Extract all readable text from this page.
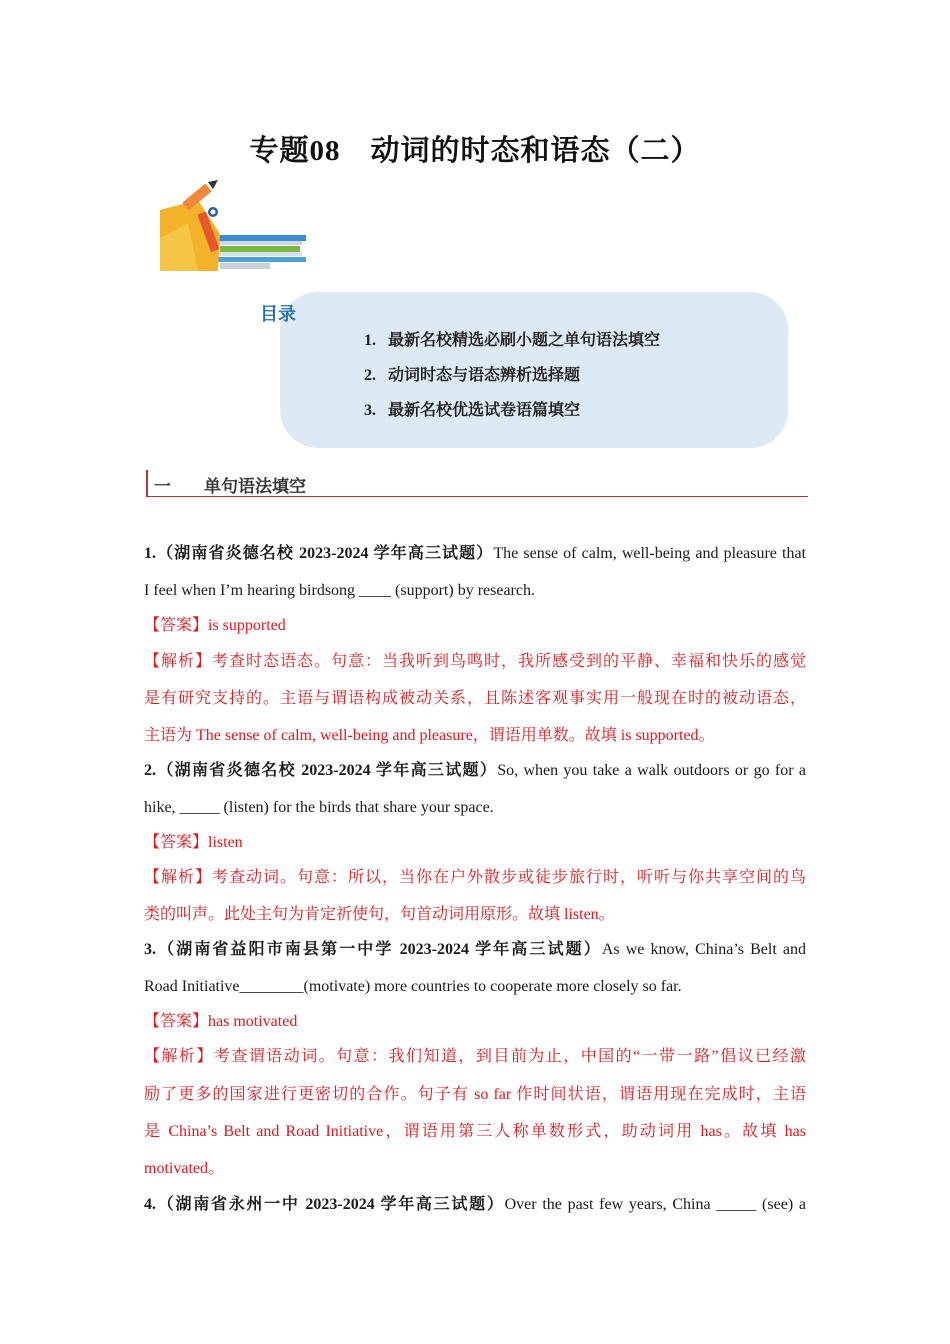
专题08　动词的时态和语态（二）
目录
1. 最新名校精选必刷小题之单句语法填空
2. 动词时态与语态辨析选择题
3. 最新名校优选试卷语篇填空
一 单句语法填空
1.（湖南省炎德名校 2023-2024 学年高三试题）The sense of calm, well-being and pleasure that
I feel when I’m hearing birdsong ____ (support) by research.
【答案】is supported
【解析】考查时态语态。句意：当我听到鸟鸣时，我所感受到的平静、幸福和快乐的感觉
是有研究支持的。主语与谓语构成被动关系，且陈述客观事实用一般现在时的被动语态，
主语为 The sense of calm, well-being and pleasure，谓语用单数。故填 is supported。
2.（湖南省炎德名校 2023-2024 学年高三试题）So, when you take a walk outdoors or go for a
hike, _____ (listen) for the birds that share your space.
【答案】listen
【解析】考查动词。句意：所以，当你在户外散步或徒步旅行时，听听与你共享空间的鸟
类的叫声。此处主句为肯定祈使句，句首动词用原形。故填 listen。
3.（湖南省益阳市南县第一中学 2023-2024 学年高三试题）As we know, China’s Belt and
Road Initiative________(motivate) more countries to cooperate more closely so far.
【答案】has motivated
【解析】考查谓语动词。句意：我们知道，到目前为止，中国的“一带一路”倡议已经激
励了更多的国家进行更密切的合作。句子有 so far 作时间状语，谓语用现在完成时，主语
是 China’s Belt and Road Initiative，谓语用第三人称单数形式，助动词用 has。故填 has
motivated。
4.（湖南省永州一中 2023-2024 学年高三试题）Over the past few years, China _____ (see) a
